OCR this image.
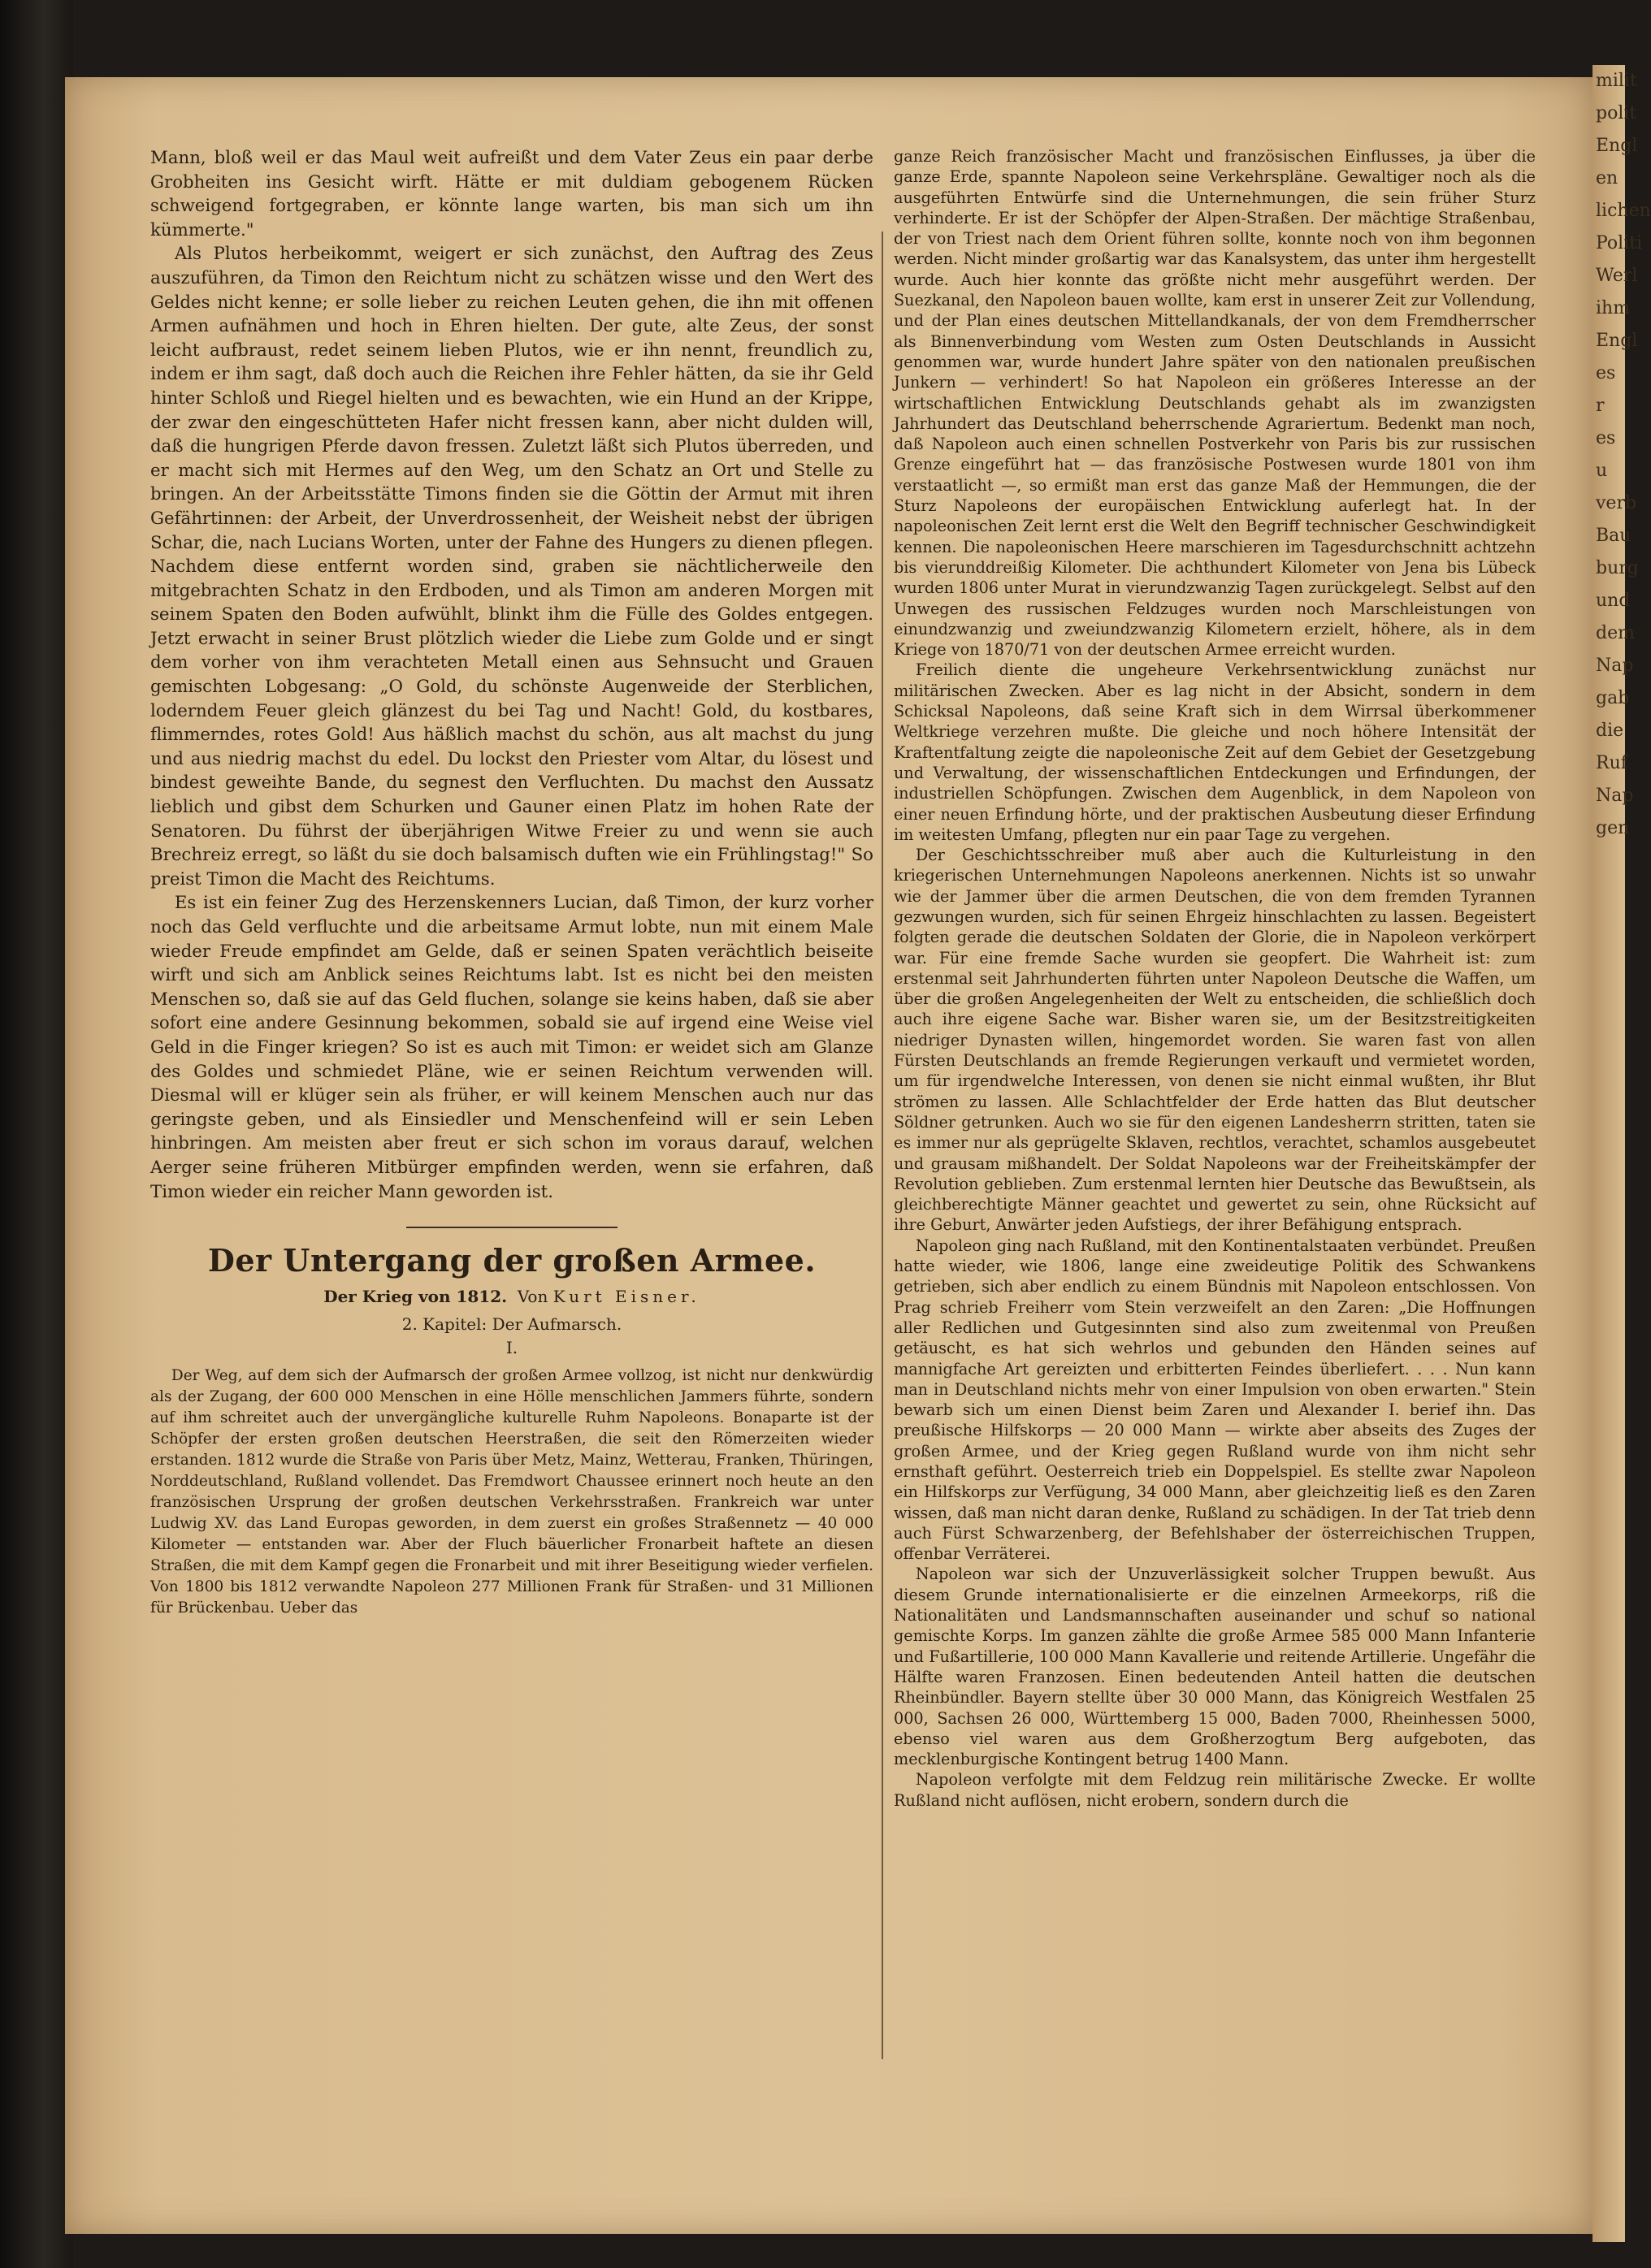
milit
polit
Engl
en
lichen
Politi
Werl
ihm
Engl
es r
es u
verb
Bau
burg
und
dem
Nap
gab
die
Ruf
Nap
gen

Mann, bloß weil er das Maul weit aufreißt und dem Vater Zeus ein paar derbe Grobheiten ins Gesicht wirft. Hätte er mit duldiam gebogenem Rücken schweigend fortgegraben, er könnte lange warten, bis man sich um ihn kümmerte."

Als Plutos herbeikommt, weigert er sich zunächst, den Auftrag des Zeus auszuführen, da Timon den Reichtum nicht zu schätzen wisse und den Wert des Geldes nicht kenne; er solle lieber zu reichen Leuten gehen, die ihn mit offenen Armen aufnähmen und hoch in Ehren hielten. Der gute, alte Zeus, der sonst leicht aufbraust, redet seinem lieben Plutos, wie er ihn nennt, freundlich zu, indem er ihm sagt, daß doch auch die Reichen ihre Fehler hätten, da sie ihr Geld hinter Schloß und Riegel hielten und es bewachten, wie ein Hund an der Krippe, der zwar den eingeschütteten Hafer nicht fressen kann, aber nicht dulden will, daß die hungrigen Pferde davon fressen. Zuletzt läßt sich Plutos überreden, und er macht sich mit Hermes auf den Weg, um den Schatz an Ort und Stelle zu bringen. An der Arbeitsstätte Timons finden sie die Göttin der Armut mit ihren Gefährtinnen: der Arbeit, der Unverdrossenheit, der Weisheit nebst der übrigen Schar, die, nach Lucians Worten, unter der Fahne des Hungers zu dienen pflegen. Nachdem diese entfernt worden sind, graben sie nächtlicherweile den mitgebrachten Schatz in den Erdboden, und als Timon am anderen Morgen mit seinem Spaten den Boden aufwühlt, blinkt ihm die Fülle des Goldes entgegen. Jetzt erwacht in seiner Brust plötzlich wieder die Liebe zum Golde und er singt dem vorher von ihm verachteten Metall einen aus Sehnsucht und Grauen gemischten Lobgesang: „O Gold, du schönste Augenweide der Sterblichen, loderndem Feuer gleich glänzest du bei Tag und Nacht! Gold, du kostbares, flimmerndes, rotes Gold! Aus häßlich machst du schön, aus alt machst du jung und aus niedrig machst du edel. Du lockst den Priester vom Altar, du lösest und bindest geweihte Bande, du segnest den Verfluchten. Du machst den Aussatz lieblich und gibst dem Schurken und Gauner einen Platz im hohen Rate der Senatoren. Du führst der überjährigen Witwe Freier zu und wenn sie auch Brechreiz erregt, so läßt du sie doch balsamisch duften wie ein Frühlingstag!" So preist Timon die Macht des Reichtums.

Es ist ein feiner Zug des Herzenskenners Lucian, daß Timon, der kurz vorher noch das Geld verfluchte und die arbeitsame Armut lobte, nun mit einem Male wieder Freude empfindet am Gelde, daß er seinen Spaten verächtlich beiseite wirft und sich am Anblick seines Reichtums labt. Ist es nicht bei den meisten Menschen so, daß sie auf das Geld fluchen, solange sie keins haben, daß sie aber sofort eine andere Gesinnung bekommen, sobald sie auf irgend eine Weise viel Geld in die Finger kriegen? So ist es auch mit Timon: er weidet sich am Glanze des Goldes und schmiedet Pläne, wie er seinen Reichtum verwenden will. Diesmal will er klüger sein als früher, er will keinem Menschen auch nur das geringste geben, und als Einsiedler und Menschenfeind will er sein Leben hinbringen. Am meisten aber freut er sich schon im voraus darauf, welchen Aerger seine früheren Mitbürger empfinden werden, wenn sie erfahren, daß Timon wieder ein reicher Mann geworden ist.

Der Untergang der großen Armee.
Der Krieg von 1812. Von Kurt Eisner.
2. Kapitel: Der Aufmarsch.
I.

Der Weg, auf dem sich der Aufmarsch der großen Armee vollzog, ist nicht nur denkwürdig als der Zugang, der 600 000 Menschen in eine Hölle menschlichen Jammers führte, sondern auf ihm schreitet auch der unvergängliche kulturelle Ruhm Napoleons. Bonaparte ist der Schöpfer der ersten großen deutschen Heerstraßen, die seit den Römerzeiten wieder erstanden. 1812 wurde die Straße von Paris über Metz, Mainz, Wetterau, Franken, Thüringen, Norddeutschland, Rußland vollendet. Das Fremdwort Chaussee erinnert noch heute an den französischen Ursprung der großen deutschen Verkehrsstraßen. Frankreich war unter Ludwig XV. das Land Europas geworden, in dem zuerst ein großes Straßennetz — 40 000 Kilometer — entstanden war. Aber der Fluch bäuerlicher Fronarbeit haftete an diesen Straßen, die mit dem Kampf gegen die Fronarbeit und mit ihrer Beseitigung wieder verfielen. Von 1800 bis 1812 verwandte Napoleon 277 Millionen Frank für Straßen- und 31 Millionen für Brückenbau. Ueber das

ganze Reich französischer Macht und französischen Einflusses, ja über die ganze Erde, spannte Napoleon seine Verkehrspläne. Gewaltiger noch als die ausgeführten Entwürfe sind die Unternehmungen, die sein früher Sturz verhinderte. Er ist der Schöpfer der Alpen-Straßen. Der mächtige Straßenbau, der von Triest nach dem Orient führen sollte, konnte noch von ihm begonnen werden. Nicht minder großartig war das Kanalsystem, das unter ihm hergestellt wurde. Auch hier konnte das größte nicht mehr ausgeführt werden. Der Suezkanal, den Napoleon bauen wollte, kam erst in unserer Zeit zur Vollendung, und der Plan eines deutschen Mittellandkanals, der von dem Fremdherrscher als Binnenverbindung vom Westen zum Osten Deutschlands in Aussicht genommen war, wurde hundert Jahre später von den nationalen preußischen Junkern — verhindert! So hat Napoleon ein größeres Interesse an der wirtschaftlichen Entwicklung Deutschlands gehabt als im zwanzigsten Jahrhundert das Deutschland beherrschende Agrariertum. Bedenkt man noch, daß Napoleon auch einen schnellen Postverkehr von Paris bis zur russischen Grenze eingeführt hat — das französische Postwesen wurde 1801 von ihm verstaatlicht —, so ermißt man erst das ganze Maß der Hemmungen, die der Sturz Napoleons der europäischen Entwicklung auferlegt hat. In der napoleonischen Zeit lernt erst die Welt den Begriff technischer Geschwindigkeit kennen. Die napoleonischen Heere marschieren im Tagesdurchschnitt achtzehn bis vierunddreißig Kilometer. Die achthundert Kilometer von Jena bis Lübeck wurden 1806 unter Murat in vierundzwanzig Tagen zurückgelegt. Selbst auf den Unwegen des russischen Feldzuges wurden noch Marschleistungen von einundzwanzig und zweiundzwanzig Kilometern erzielt, höhere, als in dem Kriege von 1870/71 von der deutschen Armee erreicht wurden.

Freilich diente die ungeheure Verkehrsentwicklung zunächst nur militärischen Zwecken. Aber es lag nicht in der Absicht, sondern in dem Schicksal Napoleons, daß seine Kraft sich in dem Wirrsal überkommener Weltkriege verzehren mußte. Die gleiche und noch höhere Intensität der Kraftentfaltung zeigte die napoleonische Zeit auf dem Gebiet der Gesetzgebung und Verwaltung, der wissenschaftlichen Entdeckungen und Erfindungen, der industriellen Schöpfungen. Zwischen dem Augenblick, in dem Napoleon von einer neuen Erfindung hörte, und der praktischen Ausbeutung dieser Erfindung im weitesten Umfang, pflegten nur ein paar Tage zu vergehen.

Der Geschichtsschreiber muß aber auch die Kulturleistung in den kriegerischen Unternehmungen Napoleons anerkennen. Nichts ist so unwahr wie der Jammer über die armen Deutschen, die von dem fremden Tyrannen gezwungen wurden, sich für seinen Ehrgeiz hinschlachten zu lassen. Begeistert folgten gerade die deutschen Soldaten der Glorie, die in Napoleon verkörpert war. Für eine fremde Sache wurden sie geopfert. Die Wahrheit ist: zum erstenmal seit Jahrhunderten führten unter Napoleon Deutsche die Waffen, um über die großen Angelegenheiten der Welt zu entscheiden, die schließlich doch auch ihre eigene Sache war. Bisher waren sie, um der Besitzstreitigkeiten niedriger Dynasten willen, hingemordet worden. Sie waren fast von allen Fürsten Deutschlands an fremde Regierungen verkauft und vermietet worden, um für irgendwelche Interessen, von denen sie nicht einmal wußten, ihr Blut strömen zu lassen. Alle Schlachtfelder der Erde hatten das Blut deutscher Söldner getrunken. Auch wo sie für den eigenen Landesherrn stritten, taten sie es immer nur als geprügelte Sklaven, rechtlos, verachtet, schamlos ausgebeutet und grausam mißhandelt. Der Soldat Napoleons war der Freiheitskämpfer der Revolution geblieben. Zum erstenmal lernten hier Deutsche das Bewußtsein, als gleichberechtigte Männer geachtet und gewertet zu sein, ohne Rücksicht auf ihre Geburt, Anwärter jeden Aufstiegs, der ihrer Befähigung entsprach.

Napoleon ging nach Rußland, mit den Kontinentalstaaten verbündet. Preußen hatte wieder, wie 1806, lange eine zweideutige Politik des Schwankens getrieben, sich aber endlich zu einem Bündnis mit Napoleon entschlossen. Von Prag schrieb Freiherr vom Stein verzweifelt an den Zaren: „Die Hoffnungen aller Redlichen und Gutgesinnten sind also zum zweitenmal von Preußen getäuscht, es hat sich wehrlos und gebunden den Händen seines auf mannigfache Art gereizten und erbitterten Feindes überliefert. . . . Nun kann man in Deutschland nichts mehr von einer Impulsion von oben erwarten." Stein bewarb sich um einen Dienst beim Zaren und Alexander I. berief ihn. Das preußische Hilfskorps — 20 000 Mann — wirkte aber abseits des Zuges der großen Armee, und der Krieg gegen Rußland wurde von ihm nicht sehr ernsthaft geführt. Oesterreich trieb ein Doppelspiel. Es stellte zwar Napoleon ein Hilfskorps zur Verfügung, 34 000 Mann, aber gleichzeitig ließ es den Zaren wissen, daß man nicht daran denke, Rußland zu schädigen. In der Tat trieb denn auch Fürst Schwarzenberg, der Befehlshaber der österreichischen Truppen, offenbar Verräterei.

Napoleon war sich der Unzuverlässigkeit solcher Truppen bewußt. Aus diesem Grunde internationalisierte er die einzelnen Armeekorps, riß die Nationalitäten und Landsmannschaften auseinander und schuf so national gemischte Korps. Im ganzen zählte die große Armee 585 000 Mann Infanterie und Fußartillerie, 100 000 Mann Kavallerie und reitende Artillerie. Ungefähr die Hälfte waren Franzosen. Einen bedeutenden Anteil hatten die deutschen Rheinbündler. Bayern stellte über 30 000 Mann, das Königreich Westfalen 25 000, Sachsen 26 000, Württemberg 15 000, Baden 7000, Rheinhessen 5000, ebenso viel waren aus dem Großherzogtum Berg aufgeboten, das mecklenburgische Kontingent betrug 1400 Mann.

Napoleon verfolgte mit dem Feldzug rein militärische Zwecke. Er wollte Rußland nicht auflösen, nicht erobern, sondern durch die
